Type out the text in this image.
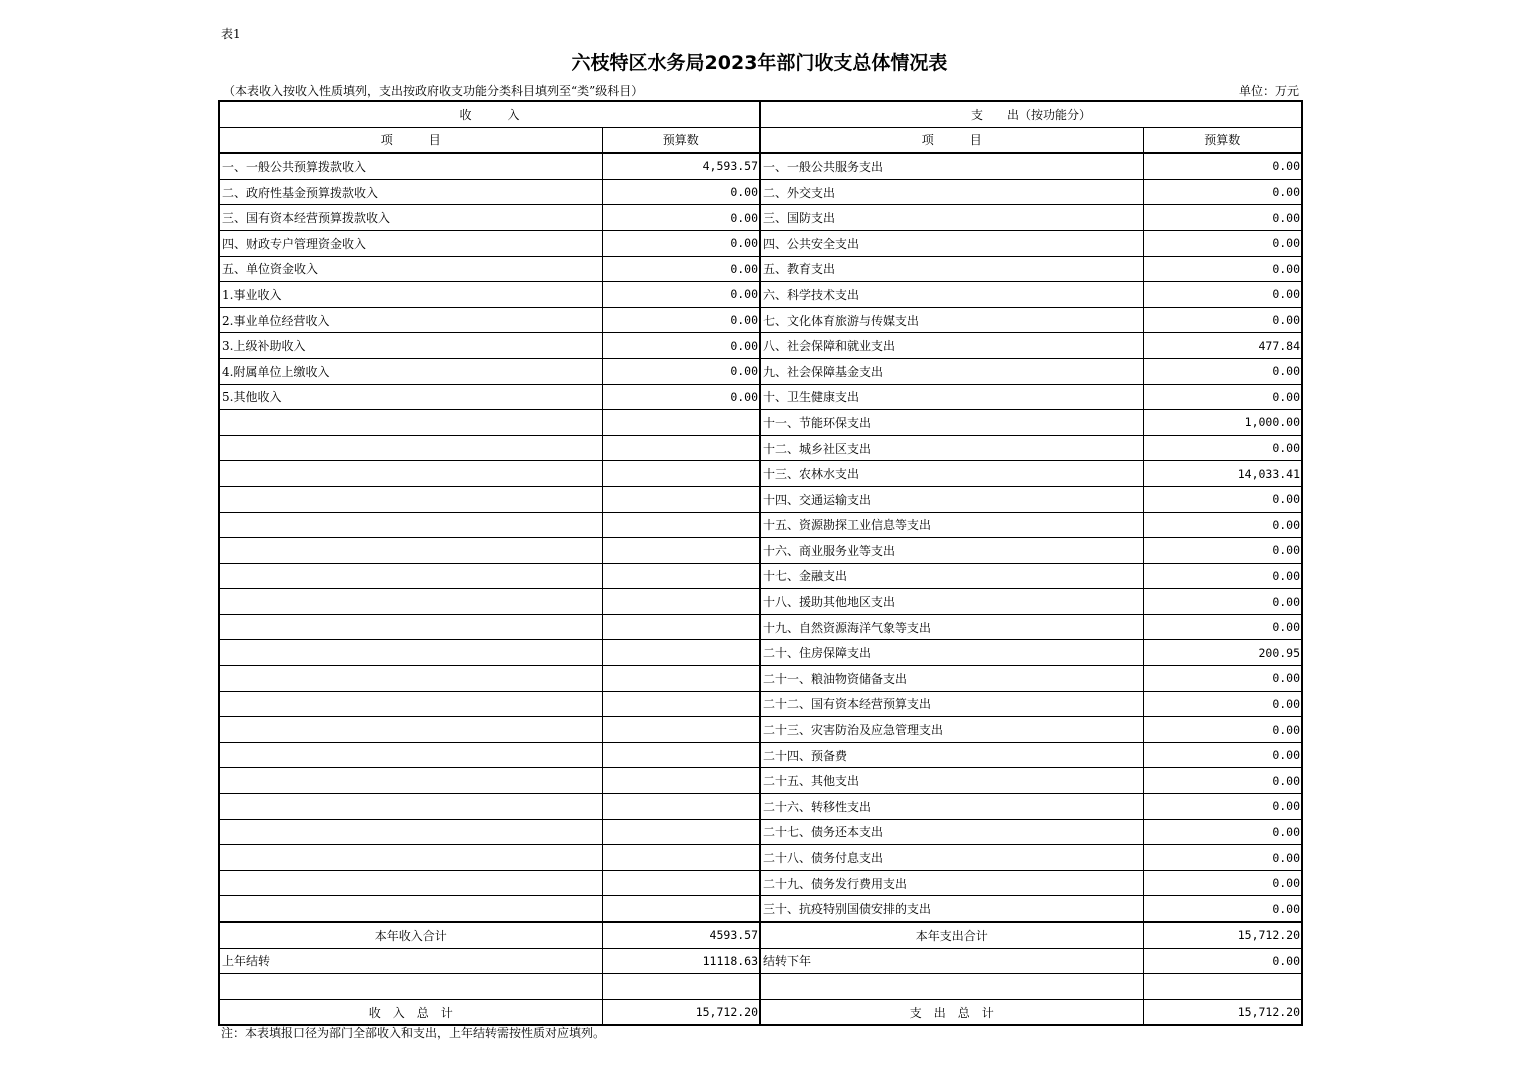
表1
六枝特区水务局2023年部门收支总体情况表
（本表收入按收入性质填列，支出按政府收支功能分类科目填列至“类”级科目）	单位：万元
收　　　入		支　　出（按功能分）	
项　　　目	预算数	项　　　目	预算数
一、一般公共预算拨款收入	4,593.57	一、一般公共服务支出	0.00
二、政府性基金预算拨款收入	0.00	二、外交支出	0.00
三、国有资本经营预算拨款收入	0.00	三、国防支出	0.00
四、财政专户管理资金收入	0.00	四、公共安全支出	0.00
五、单位资金收入	0.00	五、教育支出	0.00
1.事业收入	0.00	六、科学技术支出	0.00
2.事业单位经营收入	0.00	七、文化体育旅游与传媒支出	0.00
3.上级补助收入	0.00	八、社会保障和就业支出	477.84
4.附属单位上缴收入	0.00	九、社会保障基金支出	0.00
5.其他收入	0.00	十、卫生健康支出	0.00
		十一、节能环保支出	1,000.00
		十二、城乡社区支出	0.00
		十三、农林水支出	14,033.41
		十四、交通运输支出	0.00
		十五、资源勘探工业信息等支出	0.00
		十六、商业服务业等支出	0.00
		十七、金融支出	0.00
		十八、援助其他地区支出	0.00
		十九、自然资源海洋气象等支出	0.00
		二十、住房保障支出	200.95
		二十一、粮油物资储备支出	0.00
		二十二、国有资本经营预算支出	0.00
		二十三、灾害防治及应急管理支出	0.00
		二十四、预备费	0.00
		二十五、其他支出	0.00
		二十六、转移性支出	0.00
		二十七、债务还本支出	0.00
		二十八、债务付息支出	0.00
		二十九、债务发行费用支出	0.00
		三十、抗疫特别国债安排的支出	0.00
本年收入合计	4593.57	本年支出合计	15,712.20
上年结转	11118.63	结转下年	0.00

收　入　总　计	15,712.20	支　出　总　计	15,712.20
注：本表填报口径为部门全部收入和支出，上年结转需按性质对应填列。
